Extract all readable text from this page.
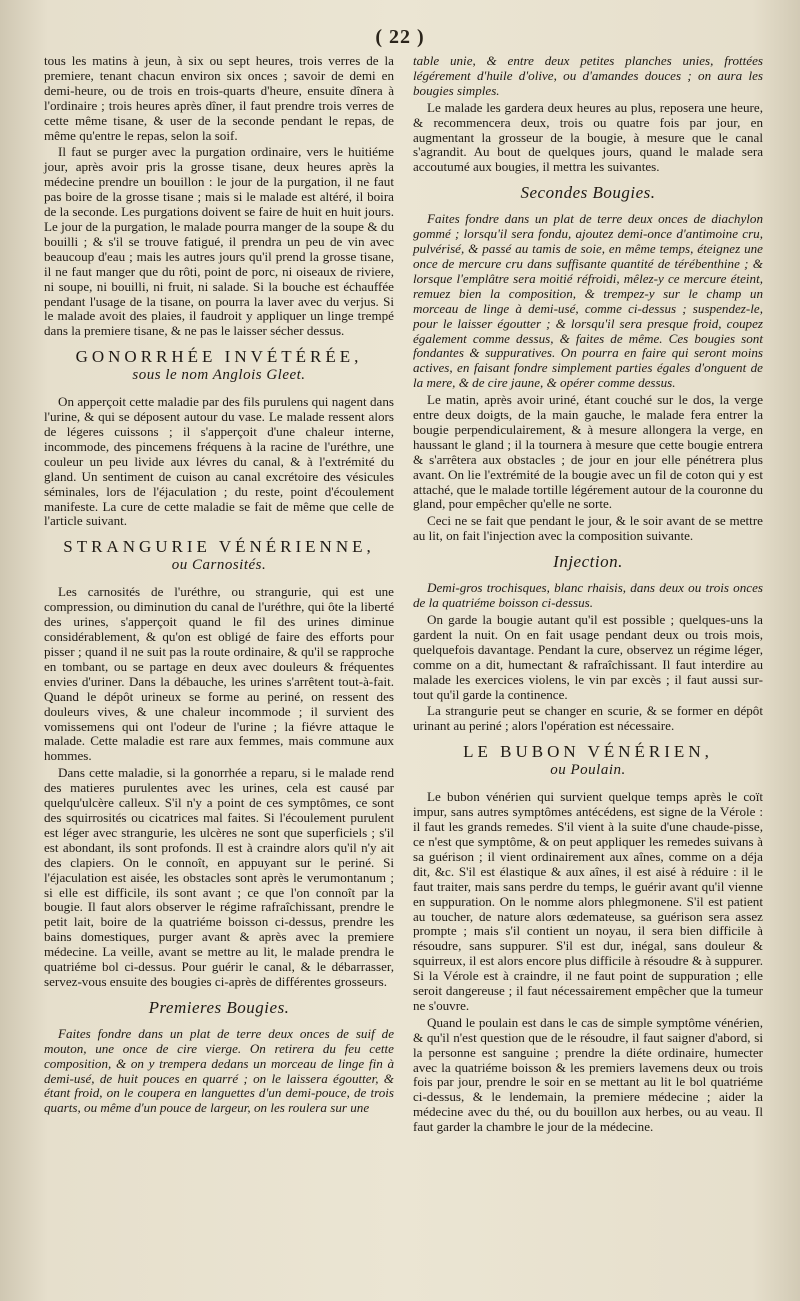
( 22 )

tous les matins à jeun, à six ou sept heures, trois verres de la premiere, tenant chacun environ six onces ; savoir de demi en demi-heure, ou de trois en trois-quarts d'heure, ensuite dînera à l'ordinaire ; trois heures après dîner, il faut prendre trois verres de cette même tisane, & user de la seconde pendant le repas, de même qu'entre le repas, selon la soif.

Il faut se purger avec la purgation ordinaire, vers le huitiéme jour, après avoir pris la grosse tisane, deux heures après la médecine prendre un bouillon : le jour de la purgation, il ne faut pas boire de la grosse tisane ; mais si le malade est altéré, il boira de la seconde. Les purgations doivent se faire de huit en huit jours. Le jour de la purgation, le malade pourra manger de la soupe & du bouilli ; & s'il se trouve fatigué, il prendra un peu de vin avec beaucoup d'eau ; mais les autres jours qu'il prend la grosse tisane, il ne faut manger que du rôti, point de porc, ni oiseaux de riviere, ni soupe, ni bouilli, ni fruit, ni salade. Si la bouche est échauffée pendant l'usage de la tisane, on pourra la laver avec du verjus. Si le malade avoit des plaies, il faudroit y appliquer un linge trempé dans la premiere tisane, & ne pas le laisser sécher dessus.

GONORRHÉE INVÉTÉRÉE,
sous le nom Anglois Gleet.

On apperçoit cette maladie par des fils purulens qui nagent dans l'urine, & qui se déposent autour du vase. Le malade ressent alors de légeres cuissons ; il s'apperçoit d'une chaleur interne, incommode, des pincemens fréquens à la racine de l'uréthre, une couleur un peu livide aux lévres du canal, & à l'extrémité du gland. Un sentiment de cuison au canal excrétoire des vésicules séminales, lors de l'éjaculation ; du reste, point d'écoulement manifeste. La cure de cette maladie se fait de même que celle de l'article suivant.

STRANGURIE VÉNÉRIENNE,
ou Carnosités.

Les carnosités de l'uréthre, ou strangurie, qui est une compression, ou diminution du canal de l'uréthre, qui ôte la liberté des urines, s'apperçoit quand le fil des urines diminue considérablement, & qu'on est obligé de faire des efforts pour pisser ; quand il ne suit pas la route ordinaire, & qu'il se rapproche en tombant, ou se partage en deux avec douleurs & fréquentes envies d'uriner. Dans la débauche, les urines s'arrêtent tout-à-fait. Quand le dépôt urineux se forme au periné, on ressent des douleurs vives, & une chaleur incommode ; il survient des vomissemens qui ont l'odeur de l'urine ; la fiévre attaque le malade. Cette maladie est rare aux femmes, mais commune aux hommes.

Dans cette maladie, si la gonorrhée a reparu, si le malade rend des matieres purulentes avec les urines, cela est causé par quelqu'ulcère calleux. S'il n'y a point de ces symptômes, ce sont des squirrosités ou cicatrices mal faites. Si l'écoulement purulent est léger avec strangurie, les ulcères ne sont que superficiels ; s'il est abondant, ils sont profonds. Il est à craindre alors qu'il n'y ait des clapiers. On le connoît, en appuyant sur le periné. Si l'éjaculation est aisée, les obstacles sont après le verumontanum ; si elle est difficile, ils sont avant ; ce que l'on connoît par la bougie. Il faut alors observer le régime rafraîchissant, prendre le petit lait, boire de la quatriéme boisson ci-dessus, prendre les bains domestiques, purger avant & après avec la premiere médecine. La veille, avant se mettre au lit, le malade prendra le quatriéme bol ci-dessus. Pour guérir le canal, & le débarrasser, servez-vous ensuite des bougies ci-après de différentes grosseurs.

Premieres Bougies.

Faites fondre dans un plat de terre deux onces de suif de mouton, une once de cire vierge. On retirera du feu cette composition, & on y trempera dedans un morceau de linge fin à demi-usé, de huit pouces en quarré ; on le laissera égoutter, & étant froid, on le coupera en languettes d'un demi-pouce, de trois quarts, ou même d'un pouce de largeur, on les roulera sur une

table unie, & entre deux petites planches unies, frottées légérement d'huile d'olive, ou d'amandes douces ; on aura les bougies simples.

Le malade les gardera deux heures au plus, reposera une heure, & recommencera deux, trois ou quatre fois par jour, en augmentant la grosseur de la bougie, à mesure que le canal s'agrandit. Au bout de quelques jours, quand le malade sera accoutumé aux bougies, il mettra les suivantes.

Secondes Bougies.

Faites fondre dans un plat de terre deux onces de diachylon gommé ; lorsqu'il sera fondu, ajoutez demi-once d'antimoine cru, pulvérisé, & passé au tamis de soie, en même temps, éteignez une once de mercure cru dans suffisante quantité de térébenthine ; & lorsque l'emplâtre sera moitié réfroidi, mêlez-y ce mercure éteint, remuez bien la composition, & trempez-y sur le champ un morceau de linge à demi-usé, comme ci-dessus ; suspendez-le, pour le laisser égoutter ; & lorsqu'il sera presque froid, coupez également comme dessus, & faites de même. Ces bougies sont fondantes & suppuratives. On pourra en faire qui seront moins actives, en faisant fondre simplement parties égales d'onguent de la mere, & de cire jaune, & opérer comme dessus.

Le matin, après avoir uriné, étant couché sur le dos, la verge entre deux doigts, de la main gauche, le malade fera entrer la bougie perpendiculairement, & à mesure allongera la verge, en haussant le gland ; il la tournera à mesure que cette bougie entrera & s'arrêtera aux obstacles ; de jour en jour elle pénétrera plus avant. On lie l'extrémité de la bougie avec un fil de coton qui y est attaché, que le malade tortille légérement autour de la couronne du gland, pour empêcher qu'elle ne sorte.

Ceci ne se fait que pendant le jour, & le soir avant de se mettre au lit, on fait l'injection avec la composition suivante.

Injection.

Demi-gros trochisques, blanc rhaisis, dans deux ou trois onces de la quatriéme boisson ci-dessus.

On garde la bougie autant qu'il est possible ; quelques-uns la gardent la nuit. On en fait usage pendant deux ou trois mois, quelquefois davantage. Pendant la cure, observez un régime léger, comme on a dit, humectant & rafraîchissant. Il faut interdire au malade les exercices violens, le vin par excès ; il faut aussi sur-tout qu'il garde la continence.

La strangurie peut se changer en scurie, & se former en dépôt urinant au periné ; alors l'opération est nécessaire.

LE BUBON VÉNÉRIEN,
ou Poulain.

Le bubon vénérien qui survient quelque temps après le coït impur, sans autres symptômes antécédens, est signe de la Vérole : il faut les grands remedes. S'il vient à la suite d'une chaude-pisse, ce n'est que symptôme, & on peut appliquer les remedes suivans à sa guérison ; il vient ordinairement aux aînes, comme on a déja dit, &c. S'il est élastique & aux aînes, il est aisé à réduire : il le faut traiter, mais sans perdre du temps, le guérir avant qu'il vienne en suppuration. On le nomme alors phlegmonene. S'il est patient au toucher, de nature alors œdemateuse, sa guérison sera assez prompte ; mais s'il contient un noyau, il sera bien difficile à résoudre, sans suppurer. S'il est dur, inégal, sans douleur & squirreux, il est alors encore plus difficile à résoudre & à suppurer. Si la Vérole est à craindre, il ne faut point de suppuration ; elle seroit dangereuse ; il faut nécessairement empêcher que la tumeur ne s'ouvre.

Quand le poulain est dans le cas de simple symptôme vénérien, & qu'il n'est question que de le résoudre, il faut saigner d'abord, si la personne est sanguine ; prendre la diéte ordinaire, humecter avec la quatriéme boisson & les premiers lavemens deux ou trois fois par jour, prendre le soir en se mettant au lit le bol quatriéme ci-dessus, & le lendemain, la premiere médecine ; aider la médecine avec du thé, ou du bouillon aux herbes, ou au veau. Il faut garder la chambre le jour de la médecine.
